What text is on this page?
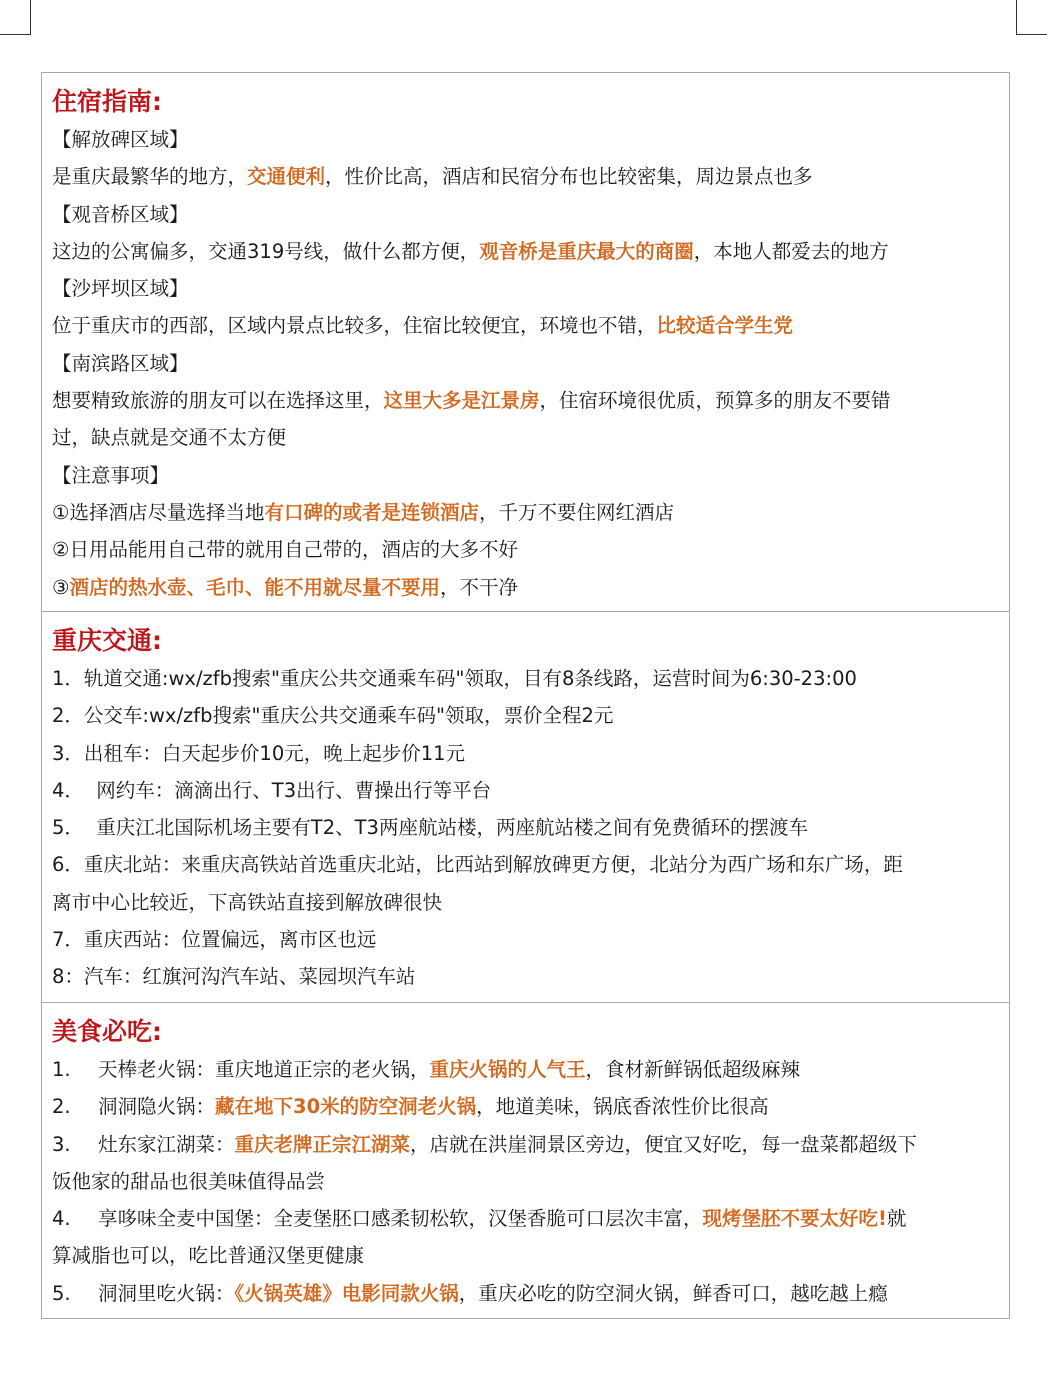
住宿指南:
【解放碑区域】
是重庆最繁华的地方，交通便利，性价比高，酒店和民宿分布也比较密集，周边景点也多
【观音桥区域】
这边的公寓偏多，交通319号线，做什么都方便，观音桥是重庆最大的商圈，本地人都爱去的地方
【沙坪坝区域】
位于重庆市的西部，区域内景点比较多，住宿比较便宜，环境也不错，比较适合学生党
【南滨路区域】
想要精致旅游的朋友可以在选择这里，这里大多是江景房，住宿环境很优质，预算多的朋友不要错
过，缺点就是交通不太方便
【注意事项】
①选择酒店尽量选择当地有口碑的或者是连锁酒店，千万不要住网红酒店
②日用品能用自己带的就用自己带的，酒店的大多不好
③酒店的热水壶、毛巾、能不用就尽量不要用，不干净
重庆交通:
1．轨道交通:wx/zfb搜索"重庆公共交通乘车码"领取，目有8条线路，运营时间为6:30-23:00
2．公交车:wx/zfb搜索"重庆公共交通乘车码"领取，票价全程2元
3．出租车：白天起步价10元，晚上起步价11元
4．  网约车：滴滴出行、T3出行、曹操出行等平台
5．  重庆江北国际机场主要有T2、T3两座航站楼，两座航站楼之间有免费循环的摆渡车
6．重庆北站：来重庆高铁站首选重庆北站，比西站到解放碑更方便，北站分为西广场和东广场，距
离市中心比较近，下高铁站直接到解放碑很快
7．重庆西站：位置偏远，离市区也远
8：汽车：红旗河沟汽车站、菜园坝汽车站
美食必吃:
1. 天棒老火锅：重庆地道正宗的老火锅，重庆火锅的人气王，食材新鲜锅低超级麻辣
2. 洞洞隐火锅：藏在地下30米的防空洞老火锅，地道美味，锅底香浓性价比很高
3. 灶东家江湖菜：重庆老牌正宗江湖菜，店就在洪崖洞景区旁边，便宜又好吃，每一盘菜都超级下
饭他家的甜品也很美味值得品尝
4. 享哆味全麦中国堡：全麦堡胚口感柔韧松软，汉堡香脆可口层次丰富，现烤堡胚不要太好吃!就
算减脂也可以，吃比普通汉堡更健康
5. 洞洞里吃火锅：《火锅英雄》电影同款火锅，重庆必吃的防空洞火锅，鲜香可口，越吃越上瘾
